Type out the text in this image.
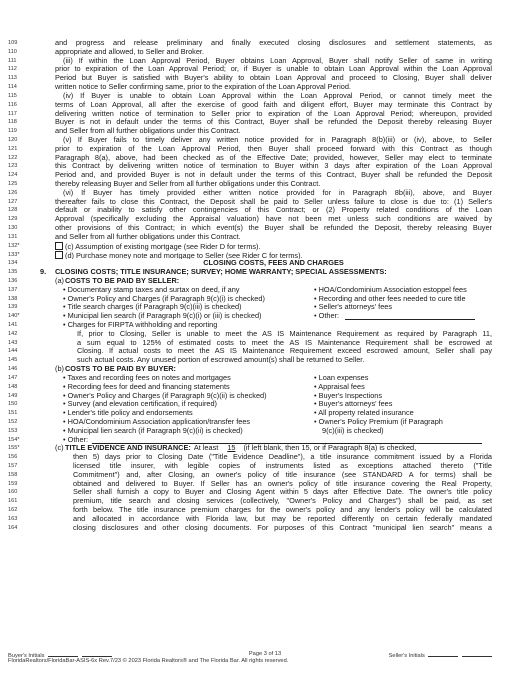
109	and progress and release preliminary and finally executed closing disclosures and settlement statements, as
110	appropriate and allowed, to Seller and Broker.
111	(iii) If within the Loan Approval Period, Buyer obtains Loan Approval, Buyer shall notify Seller of same in writing
112	prior to expiration of the Loan Approval Period; or, if Buyer is unable to obtain Loan Approval within the Loan Approval
113	Period but Buyer is satisfied with Buyer's ability to obtain Loan Approval and proceed to Closing, Buyer shall deliver
114	written notice to Seller confirming same, prior to the expiration of the Loan Approval Period.
115	(iv) If Buyer is unable to obtain Loan Approval within the Loan Approval Period, or cannot timely meet the
116	terms of Loan Approval, all after the exercise of good faith and diligent effort, Buyer may terminate this Contract by
117	delivering written notice of termination to Seller prior to expiration of the Loan Approval Period; whereupon, provided
118	Buyer is not in default under the terms of this Contract, Buyer shall be refunded the Deposit thereby releasing Buyer
119	and Seller from all further obligations under this Contract.
120	(v) If Buyer fails to timely deliver any written notice provided for in Paragraph 8(b)(iii) or (iv), above, to Seller
121	prior to expiration of the Loan Approval Period, then Buyer shall proceed forward with this Contract as though
122	Paragraph 8(a), above, had been checked as of the Effective Date; provided, however, Seller may elect to terminate
123	this Contract by delivering written notice of termination to Buyer within 3 days after expiration of the Loan Approval
124	Period and, and provided Buyer is not in default under the terms of this Contract, Buyer shall be refunded the Deposit
125	thereby releasing Buyer and Seller from all further obligations under this Contract.
126	(vi) If Buyer has timely provided either written notice provided for in Paragraph 8b(iii), above, and Buyer
127	thereafter fails to close this Contract, the Deposit shall be paid to Seller unless failure to close is due to: (1) Seller's
128	default or inability to satisfy other contingencies of this Contract; or (2) Property related conditions of the Loan
129	Approval (specifically excluding the Appraisal valuation) have not been met unless such conditions are waived by
130	other provisions of this Contract; in which event(s) the Buyer shall be refunded the Deposit, thereby releasing Buyer
131	and Seller from all further obligations under this Contract.
132*	(c) Assumption of existing mortgage (see Rider D for terms).
133*	(d) Purchase money note and mortgage to Seller (see Rider C for terms).
134	CLOSING COSTS, FEES AND CHARGES
135	9. CLOSING COSTS; TITLE INSURANCE; SURVEY; HOME WARRANTY; SPECIAL ASSESSMENTS:
136	(a)COSTS TO BE PAID BY SELLER:
137	• Documentary stamp taxes and surtax on deed, if any	• HOA/Condominium Association estoppel fees
138	• Owner's Policy and Charges (if Paragraph 9(c)(i) is checked)	• Recording and other fees needed to cure title
139	• Title search charges (if Paragraph 9(c)(iii) is checked)	• Seller's attorneys' fees
140*	• Municipal lien search (if Paragraph 9(c)(i) or (iii) is checked)	• Other:
141	• Charges for FIRPTA withholding and reporting
142	If, prior to Closing, Seller is unable to meet the AS IS Maintenance Requirement as required by Paragraph 11,
143	a sum equal to 125% of estimated costs to meet the AS IS Maintenance Requirement shall be escrowed at
144	Closing. If actual costs to meet the AS IS Maintenance Requirement exceed escrowed amount, Seller shall pay
145	such actual costs. Any unused portion of escrowed amount(s) shall be returned to Seller.
146	(b)COSTS TO BE PAID BY BUYER:
147	• Taxes and recording fees on notes and mortgages	• Loan expenses
148	• Recording fees for deed and financing statements	• Appraisal fees
149	• Owner's Policy and Charges (if Paragraph 9(c)(ii) is checked)	• Buyer's Inspections
150	• Survey (and elevation certification, if required)	• Buyer's attorneys' fees
151	• Lender's title policy and endorsements	• All property related insurance
152	• HOA/Condominium Association application/transfer fees	• Owner's Policy Premium (if Paragraph
153	• Municipal lien search (if Paragraph 9(c)(ii) is checked)	9(c)(iii) is checked)
154*	• Other:
155*	(c)TITLE EVIDENCE AND INSURANCE: At least 15 (if left blank, then 15, or if Paragraph 8(a) is checked,
156	then 5) days prior to Closing Date ("Title Evidence Deadline"), a title insurance commitment issued by a Florida
157	licensed title insurer, with legible copies of instruments listed as exceptions attached thereto ("Title
158	Commitment") and, after Closing, an owner's policy of title insurance (see STANDARD A for terms) shall be
159	obtained and delivered to Buyer. If Seller has an owner's policy of title insurance covering the Real Property,
160	Seller shall furnish a copy to Buyer and Closing Agent within 5 days after Effective Date. The owner's title policy
161	premium, title search and closing services (collectively, "Owner's Policy and Charges") shall be paid, as set
162	forth below. The title insurance premium charges for the owner's policy and any lender's policy will be calculated
163	and allocated in accordance with Florida law, but may be reported differently on certain federally mandated
164	closing disclosures and other closing documents. For purposes of this Contract "municipal lien search" means a
Buyer's Initials	Page 3 of 13	Seller's Initials
FloridaRealtors/FloridaBar-ASIS-6x Rev.7/23 © 2023 Florida Realtors® and The Florida Bar. All rights reserved.
